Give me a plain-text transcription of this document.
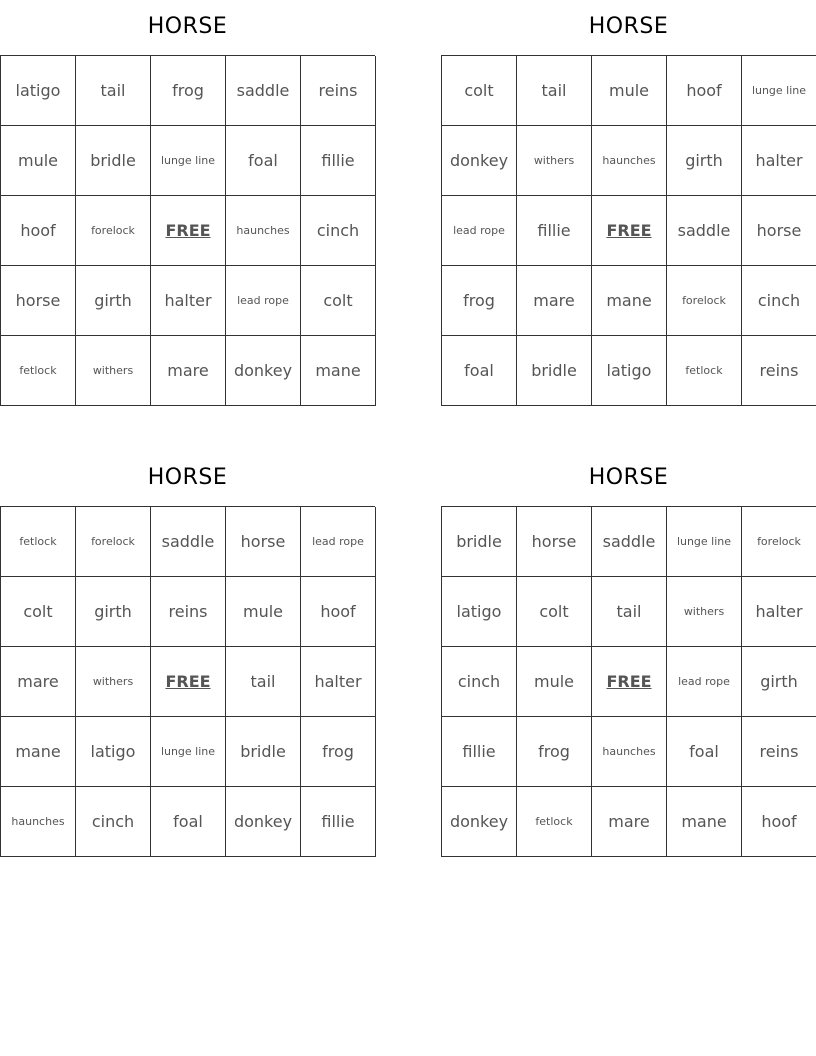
HORSE
latigo	tail	frog	saddle	reins
mule	bridle	lunge line	foal	fillie
hoof	forelock	FREE	haunches	cinch
horse	girth	halter	lead rope	colt
fetlock	withers	mare	donkey	mane
HORSE
colt	tail	mule	hoof	lunge line
donkey	withers	haunches	girth	halter
lead rope	fillie	FREE	saddle	horse
frog	mare	mane	forelock	cinch
foal	bridle	latigo	fetlock	reins
HORSE
fetlock	forelock	saddle	horse	lead rope
colt	girth	reins	mule	hoof
mare	withers	FREE	tail	halter
mane	latigo	lunge line	bridle	frog
haunches	cinch	foal	donkey	fillie
HORSE
bridle	horse	saddle	lunge line	forelock
latigo	colt	tail	withers	halter
cinch	mule	FREE	lead rope	girth
fillie	frog	haunches	foal	reins
donkey	fetlock	mare	mane	hoof
